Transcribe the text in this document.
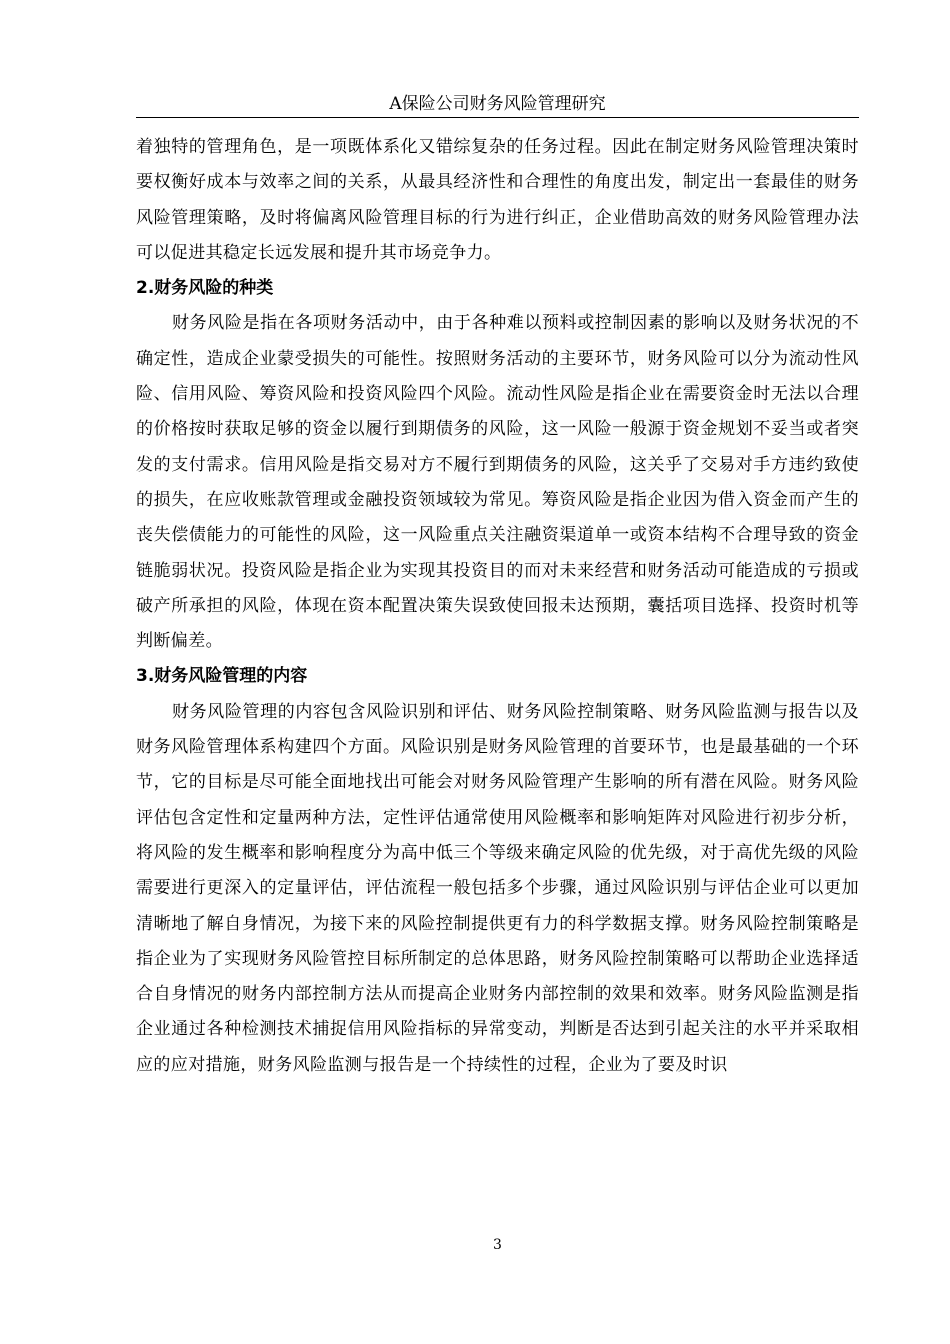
A保险公司财务风险管理研究

着独特的管理角色，是一项既体系化又错综复杂的任务过程。因此在制定财务风险管理决策时要权衡好成本与效率之间的关系，从最具经济性和合理性的角度出发，制定出一套最佳的财务风险管理策略，及时将偏离风险管理目标的行为进行纠正，企业借助高效的财务风险管理办法可以促进其稳定长远发展和提升其市场竞争力。

2.财务风险的种类

财务风险是指在各项财务活动中，由于各种难以预料或控制因素的影响以及财务状况的不确定性，造成企业蒙受损失的可能性。按照财务活动的主要环节，财务风险可以分为流动性风险、信用风险、筹资风险和投资风险四个风险。流动性风险是指企业在需要资金时无法以合理的价格按时获取足够的资金以履行到期债务的风险，这一风险一般源于资金规划不妥当或者突发的支付需求。信用风险是指交易对方不履行到期债务的风险，这关乎了交易对手方违约致使的损失，在应收账款管理或金融投资领域较为常见。筹资风险是指企业因为借入资金而产生的丧失偿债能力的可能性的风险，这一风险重点关注融资渠道单一或资本结构不合理导致的资金链脆弱状况。投资风险是指企业为实现其投资目的而对未来经营和财务活动可能造成的亏损或破产所承担的风险，体现在资本配置决策失误致使回报未达预期，囊括项目选择、投资时机等判断偏差。

3.财务风险管理的内容

财务风险管理的内容包含风险识别和评估、财务风险控制策略、财务风险监测与报告以及财务风险管理体系构建四个方面。风险识别是财务风险管理的首要环节，也是最基础的一个环节，它的目标是尽可能全面地找出可能会对财务风险管理产生影响的所有潜在风险。财务风险评估包含定性和定量两种方法，定性评估通常使用风险概率和影响矩阵对风险进行初步分析，将风险的发生概率和影响程度分为高中低三个等级来确定风险的优先级，对于高优先级的风险需要进行更深入的定量评估，评估流程一般包括多个步骤，通过风险识别与评估企业可以更加清晰地了解自身情况，为接下来的风险控制提供更有力的科学数据支撑。财务风险控制策略是指企业为了实现财务风险管控目标所制定的总体思路，财务风险控制策略可以帮助企业选择适合自身情况的财务内部控制方法从而提高企业财务内部控制的效果和效率。财务风险监测是指企业通过各种检测技术捕捉信用风险指标的异常变动，判断是否达到引起关注的水平并采取相应的应对措施，财务风险监测与报告是一个持续性的过程，企业为了要及时识

3
